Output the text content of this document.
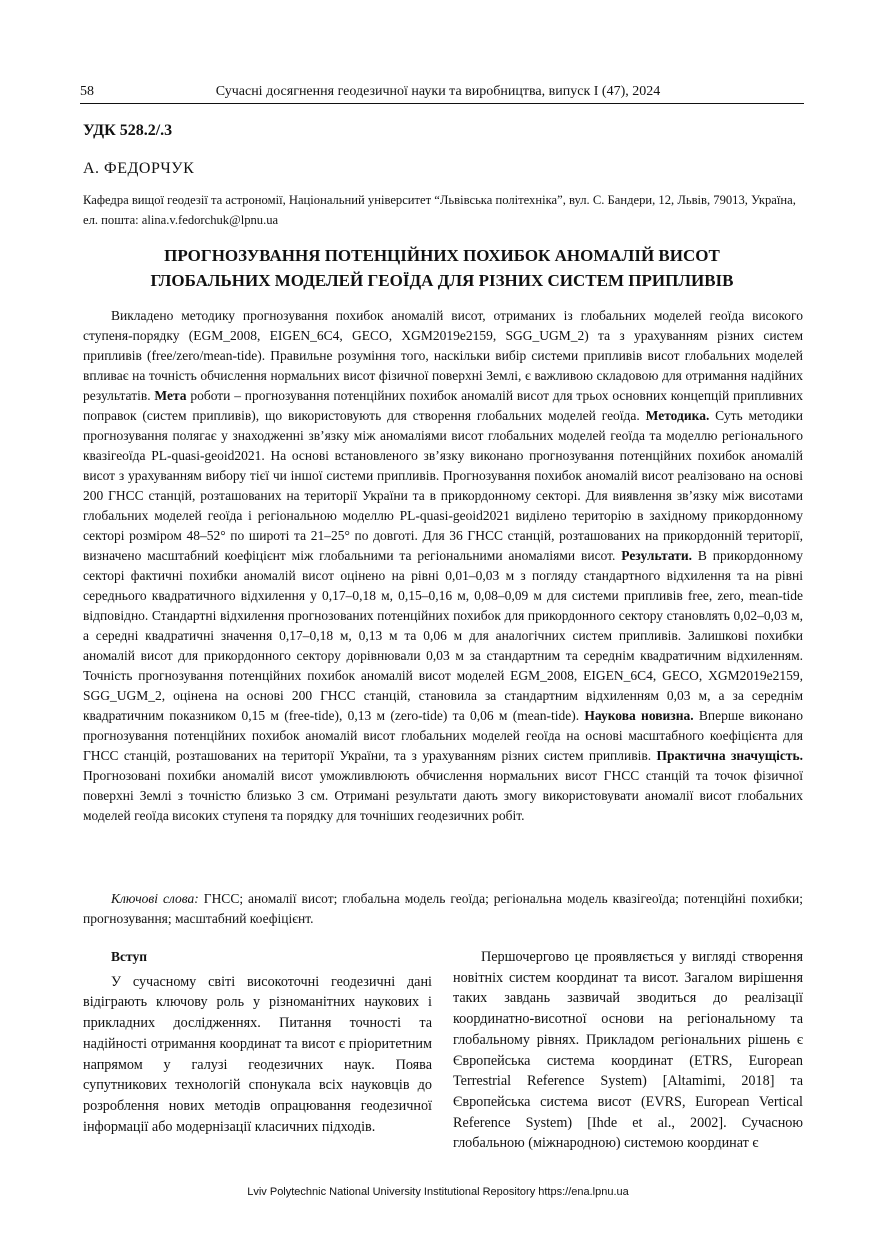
58	Сучасні досягнення геодезичної науки та виробництва, випуск I (47), 2024
УДК 528.2/.3
А. ФЕДОРЧУК
Кафедра вищої геодезії та астрономії, Національний університет “Львівська політехніка”, вул. С. Бандери, 12, Львів, 79013, Україна, ел. пошта: alina.v.fedorchuk@lpnu.ua
ПРОГНОЗУВАННЯ ПОТЕНЦІЙНИХ ПОХИБОК АНОМАЛІЙ ВИСОТ
ГЛОБАЛЬНИХ МОДЕЛЕЙ ГЕОЇДА ДЛЯ РІЗНИХ СИСТЕМ ПРИПЛИВІВ

Викладено методику прогнозування похибок аномалій висот, отриманих із глобальних моделей геоїда високого ступеня-порядку (EGM_2008, EIGEN_6C4, GECO, XGM2019e2159, SGG_UGM_2) та з урахуванням різних систем припливів (free/zero/mean-tide). Правильне розуміння того, наскільки вибір системи припливів висот глобальних моделей впливає на точність обчислення нормальних висот фізичної поверхні Землі, є важливою складовою для отримання надійних результатів. Мета роботи – прогнозування потенційних похибок аномалій висот для трьох основних концепцій припливних поправок (систем припливів), що використовують для створення глобальних моделей геоїда. Методика. Суть методики прогнозування полягає у знаходженні зв’язку між аномаліями висот глобальних моделей геоїда та моделлю регіонального квазігеоїда PL-quasi-geoid2021. На основі встановленого зв’язку виконано прогнозування потенційних похибок аномалій висот з урахуванням вибору тієї чи іншої системи припливів. Прогнозування похибок аномалій висот реалізовано на основі 200 ГНСС станцій, розташованих на території України та в прикордонному секторі. Для виявлення зв’язку між висотами глобальних моделей геоїда і регіональною моделлю PL-quasi-geoid2021 виділено територію в західному прикордонному секторі розміром 48–52° по широті та 21–25° по довготі. Для 36 ГНСС станцій, розташованих на прикордонній території, визначено масштабний коефіцієнт між глобальними та регіональними аномаліями висот. Результати. В прикордонному секторі фактичні похибки аномалій висот оцінено на рівні 0,01–0,03 м з погляду стандартного відхилення та на рівні середнього квадратичного відхилення у 0,17–0,18 м, 0,15–0,16 м, 0,08–0,09 м для системи припливів free, zero, mean-tide відповідно. Стандартні відхилення прогнозованих потенційних похибок для прикордонного сектору становлять 0,02–0,03 м, а середні квадратичні значення 0,17–0,18 м, 0,13 м та 0,06 м для аналогічних систем припливів. Залишкові похибки аномалій висот для прикордонного сектору дорівнювали 0,03 м за стандартним та середнім квадратичним відхиленням. Точність прогнозування потенційних похибок аномалій висот моделей EGM_2008, EIGEN_6C4, GECO, XGM2019e2159, SGG_UGM_2, оцінена на основі 200 ГНСС станцій, становила за стандартним відхиленням 0,03 м, а за середнім квадратичним показником 0,15 м (free-tide), 0,13 м (zero-tide) та 0,06 м (mean-tide). Наукова новизна. Вперше виконано прогнозування потенційних похибок аномалій висот глобальних моделей геоїда на основі масштабного коефіцієнта для ГНСС станцій, розташованих на території України, та з урахуванням різних систем припливів. Практична значущість. Прогнозовані похибки аномалій висот уможливлюють обчислення нормальних висот ГНСС станцій та точок фізичної поверхні Землі з точністю близько 3 см. Отримані результати дають змогу використовувати аномалії висот глобальних моделей геоїда високих ступеня та порядку для точніших геодезичних робіт.

Ключові слова: ГНСС; аномалії висот; глобальна модель геоїда; регіональна модель квазігеоїда; потенційні похибки; прогнозування; масштабний коефіцієнт.
Вступ

У сучасному світі високоточні геодезичні дані відіграють ключову роль у різноманітних наукових і прикладних дослідженнях. Питання точності та надійності отримання координат та висот є пріоритетним напрямом у галузі геодезичних наук. Поява супутникових технологій спонукала всіх науковців до розроблення нових методів опрацювання геодезичної інформації або модернізації класичних підходів.

Першочергово це проявляється у вигляді створення новітніх систем координат та висот. Загалом вирішення таких завдань зазвичай зводиться до реалізації координатно-висотної основи на регіональному та глобальному рівнях. Прикладом регіональних рішень є Європейська система координат (ETRS, European Terrestrial Reference System) [Altamimi, 2018] та Європейська система висот (EVRS, European Vertical Reference System) [Ihde et al., 2002]. Сучасною глобальною (міжнародною) системою координат є

Lviv Polytechnic National University Institutional Repository https://ena.lpnu.ua
